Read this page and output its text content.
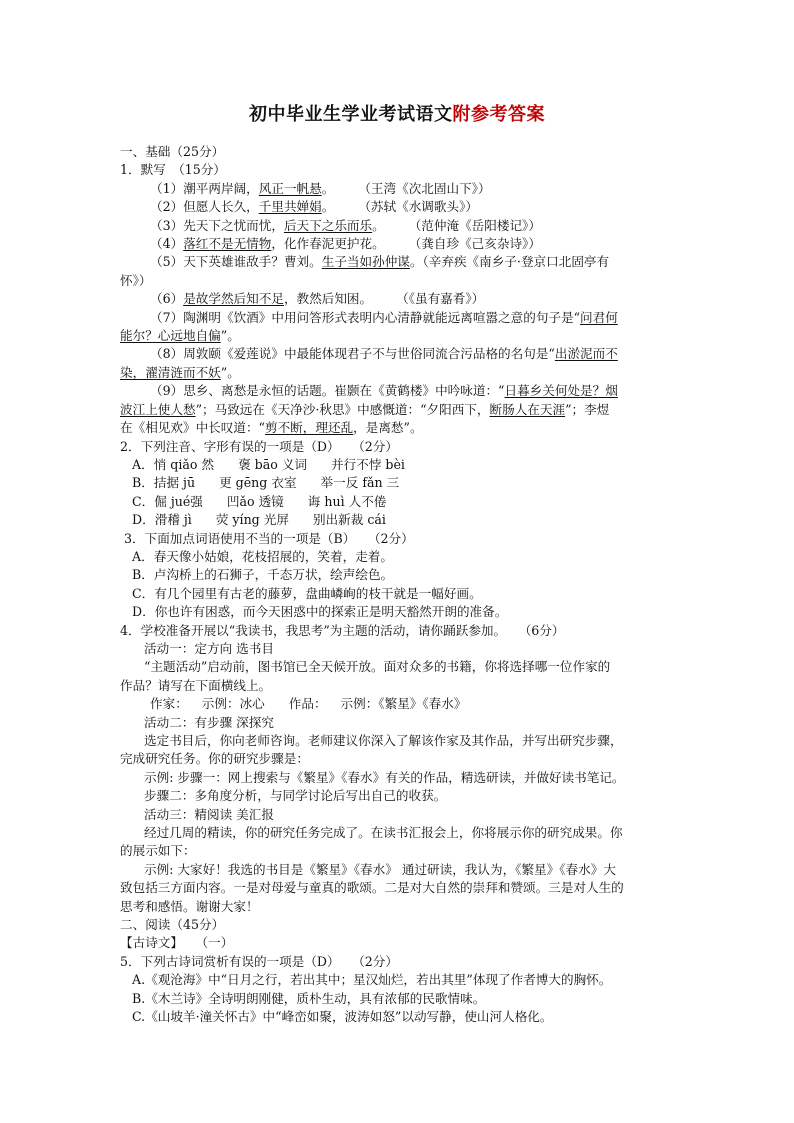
初中毕业生学业考试语文附参考答案
一、基础（25分）
1．默写　（15分）
（1）潮平两岸阔，风正一帆悬。 （王湾《次北固山下》）
（2）但愿人长久，千里共婵娟。 （苏轼《水调歌头》）
（3）先天下之忧而忧，后天下之乐而乐。 （范仲淹《岳阳楼记》）
（4）落红不是无情物，化作春泥更护花。 （龚自珍《己亥杂诗》）
（5）天下英雄谁敌手？曹刘。生子当如孙仲谋。（辛弃疾《南乡子·登京口北固亭有
怀》）
（6）是故学然后知不足，教然后知困。 （《虽有嘉肴》）
（7）陶渊明《饮酒》中用问答形式表明内心清静就能远离喧嚣之意的句子是“问君何
能尔？心远地自偏”。
（8）周敦颐《爱莲说》中最能体现君子不与世俗同流合污品格的名句是“出淤泥而不
染，濯清涟而不妖”。
（9）思乡、离愁是永恒的话题。崔颢在《黄鹤楼》中吟咏道：“日暮乡关何处是？烟
波江上使人愁”；马致远在《天净沙·秋思》中感慨道：“夕阳西下，断肠人在天涯”；李煜
在《相见欢》中长叹道：“剪不断，理还乱，是离愁”。
2．下列注音、字形有误的一项是（D）　　（2分）
A．悄 qiǎo 然 褒 bāo 义词 并行不悖 bèi
B．拮据 jū 更 gēng 衣室 举一反 fǎn 三
C．倔 jué强 凹ǎo 透镜 诲 huì 人不倦
D．滑稽 jì 荧 yíng 光屏 别出新裁 cái
3．下面加点词语使用不当的一项是（B）　　（2分）
A．春天像小姑娘，花枝招展的，笑着，走着。
B．卢沟桥上的石狮子，千态万状，绘声绘色。
C．有几个园里有古老的藤萝，盘曲嶙峋的枝干就是一幅好画。
D．你也许有困惑，而今天困惑中的探索正是明天豁然开朗的准备。
4．学校准备开展以“我读书，我思考”为主题的活动，请你踊跃参加。　　（6分）
活动一：定方向 选书目
“主题活动”启动前，图书馆已全天候开放。面对众多的书籍，你将选择哪一位作家的
作品？请写在下面横线上。
作家： 示例：冰心 作品： 示例：《繁星》《春水》
活动二：有步骤 深探究
选定书目后，你向老师咨询。老师建议你深入了解该作家及其作品，并写出研究步骤，
完成研究任务。你的研究步骤是：
示例: 步骤一：网上搜索与《繁星》《春水》有关的作品，精选研读，并做好读书笔记。
步骤二：多角度分析，与同学讨论后写出自己的收获。
活动三：精阅读 美汇报
经过几周的精读，你的研究任务完成了。在读书汇报会上，你将展示你的研究成果。你
的展示如下：
示例: 大家好！我选的书目是《繁星》《春水》 通过研读，我认为，《繁星》《春水》大
致包括三方面内容。一是对母爱与童真的歌颂。二是对大自然的崇拜和赞颂。三是对人生的
思考和感悟。谢谢大家！
二、阅读（45分）
【古诗文】　　（一）
5．下列古诗词赏析有误的一项是（D）　　（2分）
A.《观沧海》中“日月之行，若出其中；星汉灿烂，若出其里”体现了作者博大的胸怀。
B.《木兰诗》全诗明朗刚健，质朴生动，具有浓郁的民歌情味。
C.《山坡羊·潼关怀古》中“峰峦如聚，波涛如怒”以动写静，使山河人格化。
